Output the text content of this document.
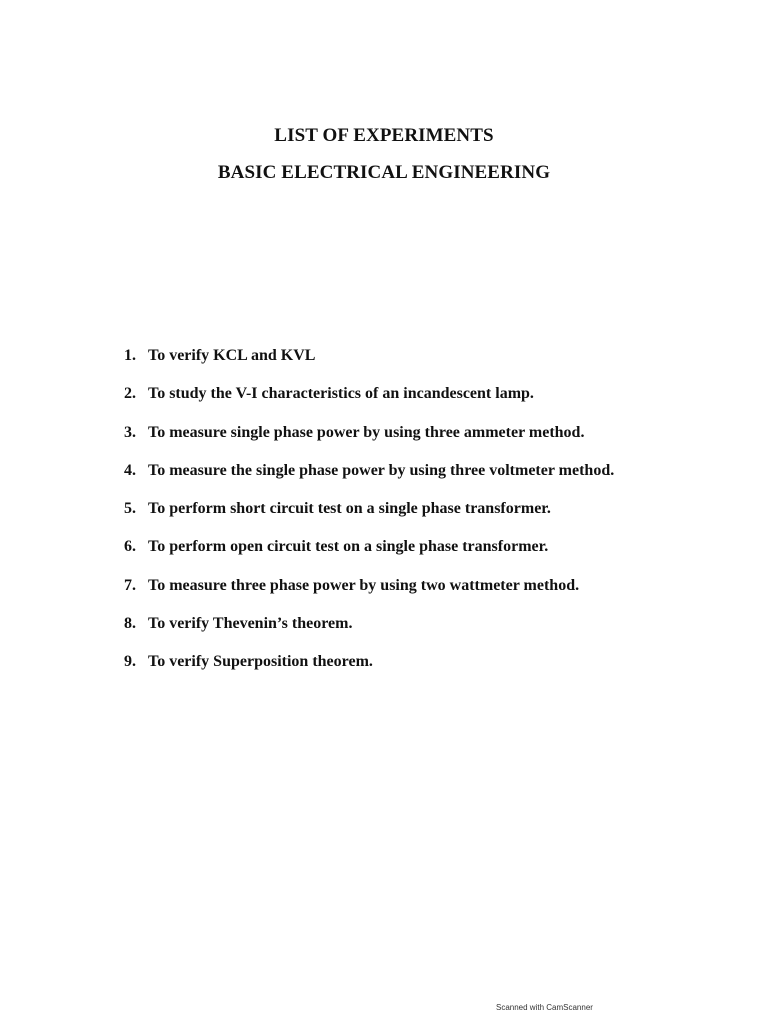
LIST OF EXPERIMENTS
BASIC ELECTRICAL ENGINEERING
1. To verify KCL and KVL
2. To study the V-I characteristics of an incandescent lamp.
3. To measure single phase power by using three ammeter method.
4. To measure the single phase power by using three voltmeter method.
5. To perform short circuit test on a single phase transformer.
6. To perform open circuit test on a single phase transformer.
7. To measure three phase power by using two wattmeter method.
8. To verify Thevenin’s theorem.
9. To verify Superposition theorem.
Scanned with CamScanner
